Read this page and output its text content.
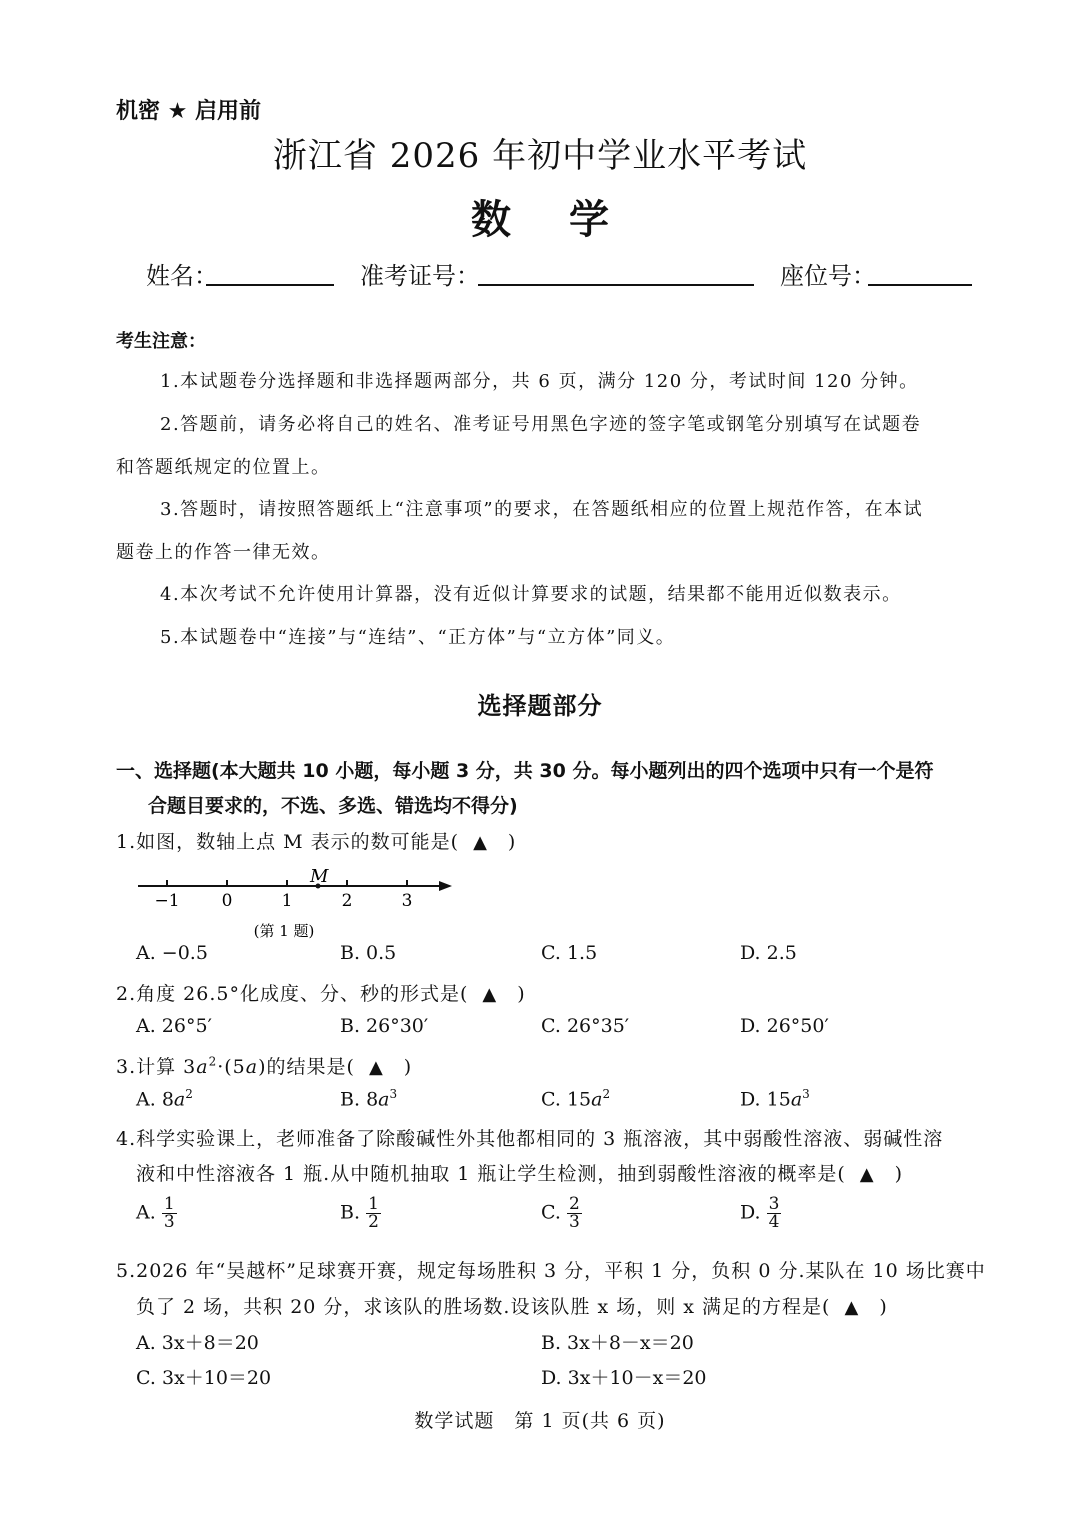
机密 ★ 启用前
浙江省 2026 年初中学业水平考试
数学
姓名：	准考证号：	座位号：
考生注意：
1.本试题卷分选择题和非选择题两部分，共 6 页，满分 120 分，考试时间 120 分钟。
2.答题前，请务必将自己的姓名、准考证号用黑色字迹的签字笔或钢笔分别填写在试题卷
和答题纸规定的位置上。
3.答题时，请按照答题纸上“注意事项”的要求，在答题纸相应的位置上规范作答，在本试
题卷上的作答一律无效。
4.本次考试不允许使用计算器，没有近似计算要求的试题，结果都不能用近似数表示。
5.本试题卷中“连接”与“连结”、“正方体”与“立方体”同义。
选择题部分
一、选择题(本大题共 10 小题，每小题 3 分，共 30 分。每小题列出的四个选项中只有一个是符
合题目要求的，不选、多选、错选均不得分)
1.如图，数轴上点 M 表示的数可能是( ▲ )
M
−1 0	1	2	3
(第 1 题)
A. −0.5	B. 0.5	C. 1.5	D. 2.5
2.角度 26.5°化成度、分、秒的形式是( ▲ )
A. 26°5′	B. 26°30′	C. 26°35′	D. 26°50′
3.计算 $3a^2\cdot(5a)$的结果是( ▲ )
A. $8a^2$	B. $8a^3$	C. $15a^2$	D. $15a^3$
4.科学实验课上，老师准备了除酸碱性外其他都相同的 3 瓶溶液，其中弱酸性溶液、弱碱性溶
液和中性溶液各 1 瓶.从中随机抽取 1 瓶让学生检测，抽到弱酸性溶液的概率是( ▲ )
A. $\frac{1}{3}$	B. $\frac{1}{2}$	C. $\frac{2}{3}$	D. $\frac{3}{4}$
5.2026 年“吴越杯”足球赛开赛，规定每场胜积 3 分，平积 1 分，负积 0 分.某队在 10 场比赛中
负了 2 场，共积 20 分，求该队的胜场数.设该队胜 x 场，则 x 满足的方程是( ▲ )
A. 3x＋8＝20	B. 3x＋8－x＝20
C. 3x＋10＝20	D. 3x＋10－x＝20
数学试题　第 1 页(共 6 页)
